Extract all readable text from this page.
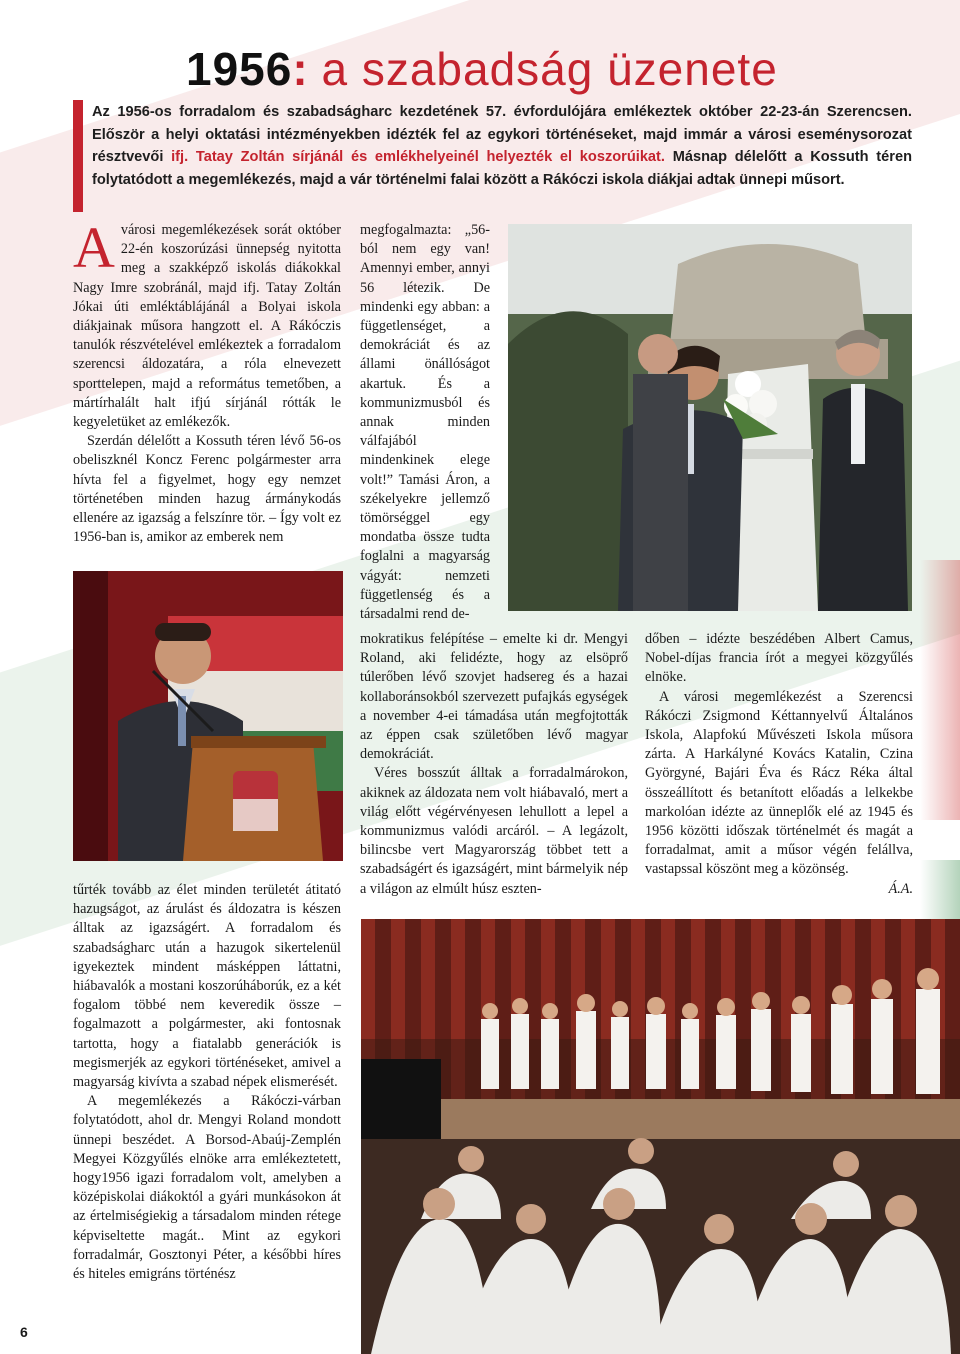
1956: a szabadság üzenete

Az 1956-os forradalom és szabadságharc kezdetének 57. évfordulójára emlékeztek október 22-23-án Szerencsen. Először a helyi oktatási intézményekben idézték fel az egykori történéseket, majd immár a városi eseménysorozat résztvevői ifj. Tatay Zoltán sírjánál és emlékhelyeinél helyezték el koszorúikat. Másnap délelőtt a Kossuth téren folytatódott a megemlékezés, majd a vár történelmi falai között a Rákóczi iskola diákjai adtak ünnepi műsort.

A városi megemlékezések sorát október 22-én koszorúzási ünnepség nyitotta meg a szakképző iskolás diákokkal Nagy Imre szobránál, majd ifj. Tatay Zoltán Jókai úti emléktáblájánál a Bolyai iskola diákjainak műsora hangzott el. A Rákóczis tanulók részvételével emlékeztek a forradalom szerencsi áldozatára, a róla elnevezett sporttelepen, majd a református temetőben, a mártírhalált halt ifjú sírjánál rótták le kegyeletüket az emlékezők.

Szerdán délelőtt a Kossuth téren lévő 56-os obeliszknél Koncz Ferenc polgármester arra hívta fel a figyelmet, hogy egy nemzet történetében minden hazug ármánykodás ellenére az igazság a felszínre tör. – Így volt ez 1956-ban is, amikor az emberek nem

tűrték tovább az élet minden területét átitató hazugságot, az árulást és áldozatra is készen álltak az igazságért. A forradalom és szabadságharc után a hazugok sikertelenül igyekeztek mindent másképpen láttatni, hiábavalók a mostani koszorúháborúk, ez a két fogalom többé nem keveredik össze – fogalmazott a polgármester, aki fontosnak tartotta, hogy a fiatalabb generációk is megismerjék az egykori történéseket, amivel a magyarság kivívta a szabad népek elismerését.

A megemlékezés a Rákóczi-várban folytatódott, ahol dr. Mengyi Roland mondott ünnepi beszédet. A Borsod-Abaúj-Zemplén Megyei Közgyűlés elnöke arra emlékeztetett, hogy1956 igazi forradalom volt, amelyben a középiskolai diákoktól a gyári munkásokon át az értelmiségiekig a társadalom minden rétege képviseltette magát.. Mint az egykori forradalmár, Gosztonyi Péter, a későbbi híres és hiteles emigráns történész

megfogalmazta: „56-ból nem egy van! Amennyi ember, annyi 56 létezik. De mindenki egy abban: a függetlenséget, a demokráciát és az állami önállóságot akartuk. És a kommunizmusból és annak minden válfajából mindenkinek elege volt!” Tamási Áron, a székelyekre jellemző tömörséggel egy mondatba össze tudta foglalni a magyarság vágyát: nemzeti függetlenség és a társadalmi rend de-

mokratikus felépítése – emelte ki dr. Mengyi Roland, aki felidézte, hogy az elsöprő túlerőben lévő szovjet hadsereg és a hazai kollaboránsokból szervezett pufajkás egységek a november 4-ei támadása után megfojtották az éppen csak születőben lévő magyar demokráciát.

Véres bosszút álltak a forradalmárokon, akiknek az áldozata nem volt hiábavaló, mert a világ előtt végérvényesen lehullott a lepel a kommunizmus valódi arcáról. – A legázolt, bilincsbe vert Magyarország többet tett a szabadságért és igazságért, mint bármelyik nép a világon az elmúlt húsz eszten-

dőben – idézte beszédében Albert Camus, Nobel-díjas francia írót a megyei közgyűlés elnöke.

A városi megemlékezést a Szerencsi Rákóczi Zsigmond Kéttannyelvű Általános Iskola, Alapfokú Művészeti Iskola műsora zárta. A Harkályné Kovács Katalin, Czina Györgyné, Bajári Éva és Rácz Réka által összeállított és betanított előadás a lelkekbe markolóan idézte az ünneplők elé az 1945 és 1956 közötti időszak történelmét és magát a forradalmat, amit a műsor végén felállva, vastapssal köszönt meg a közönség.

Á.A.

6
